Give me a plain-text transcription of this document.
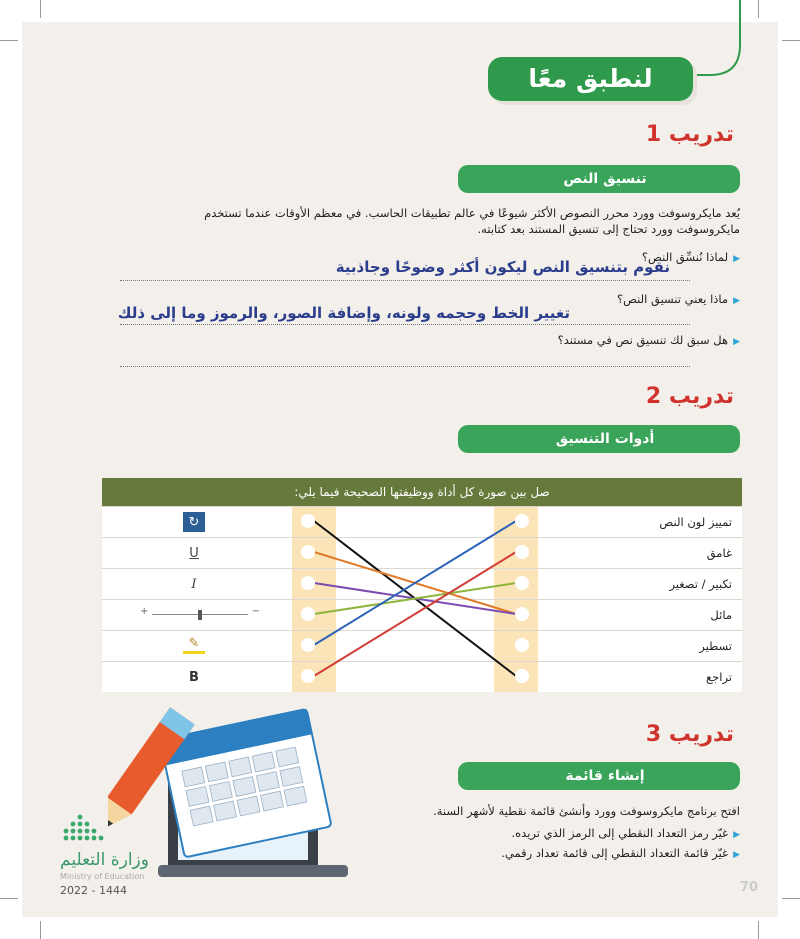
لنطبق معًا
تدريب 1
تنسيق النص
يُعد مايكروسوفت وورد محرر النصوص الأكثر شيوعًا في عالم تطبيقات الحاسب. في معظم الأوقات عندما تستخدم
مايكروسوفت وورد تحتاج إلى تنسيق المستند بعد كتابته.
▶لماذا نُنسِّق النص؟
نقوم بتنسيق النص ليكون أكثر وضوحًا وجاذبية
▶ماذا يعني تنسيق النص؟
تغيير الخط وحجمه ولونه، وإضافة الصور، والرموز وما إلى ذلك
▶هل سبق لك تنسيق نص في مستند؟
تدريب 2
أدوات التنسيق
صل بين صورة كل أداة ووظيفتها الصحيحة فيما يلي:
↻	تمييز لون النص
U	غامق
I	تكبير / تصغير
+	−	مائل
✎	تسطير
B	تراجع
تدريب 3
إنشاء قائمة
افتح برنامج مايكروسوفت وورد وأنشئ قائمة نقطية لأشهر السنة.
▶غيّر رمز التعداد النقطي إلى الرمز الذي تريده.
▶غيّر قائمة التعداد النقطي إلى قائمة تعداد رقمي.
وزارة التعليم
Ministry of Education
2022 - 1444	70
